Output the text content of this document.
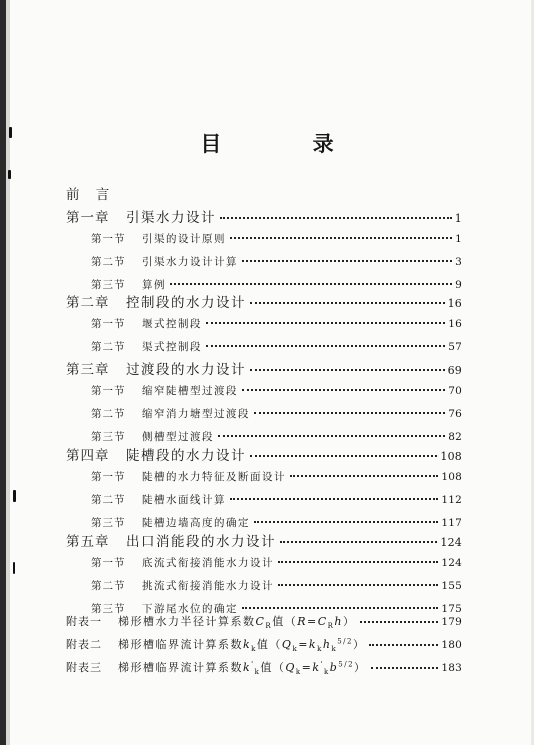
目 录
前 言
第一章	引渠水力设计	1
第一节	引渠的设计原则	1
第二节	引渠水力设计计算	3
第三节	算例	9
第二章	控制段的水力设计	16
第一节	堰式控制段	16
第二节	渠式控制段	57
第三章	过渡段的水力设计	69
第一节	缩窄陡槽型过渡段	70
第二节	缩窄消力塘型过渡段	76
第三节	侧槽型过渡段	82
第四章	陡槽段的水力设计	108
第一节	陡槽的水力特征及断面设计	108
第二节	陡槽水面线计算	112
第三节	陡槽边墙高度的确定	117
第五章	出口消能段的水力设计	124
第一节	底流式衔接消能水力设计	124
第二节	挑流式衔接消能水力设计	155
第三节	下游尾水位的确定	175
附表一	梯形槽水力半径计算系数$C_R$值$(R=C_Rh)$	179
附表二	梯形槽临界流计算系数$k_k$值$(Q_k=k_kh_k^{5/2})$	180
附表三	梯形槽临界流计算系数$k'_k$值$(Q_k=k'_kb^{5/2})$	183
